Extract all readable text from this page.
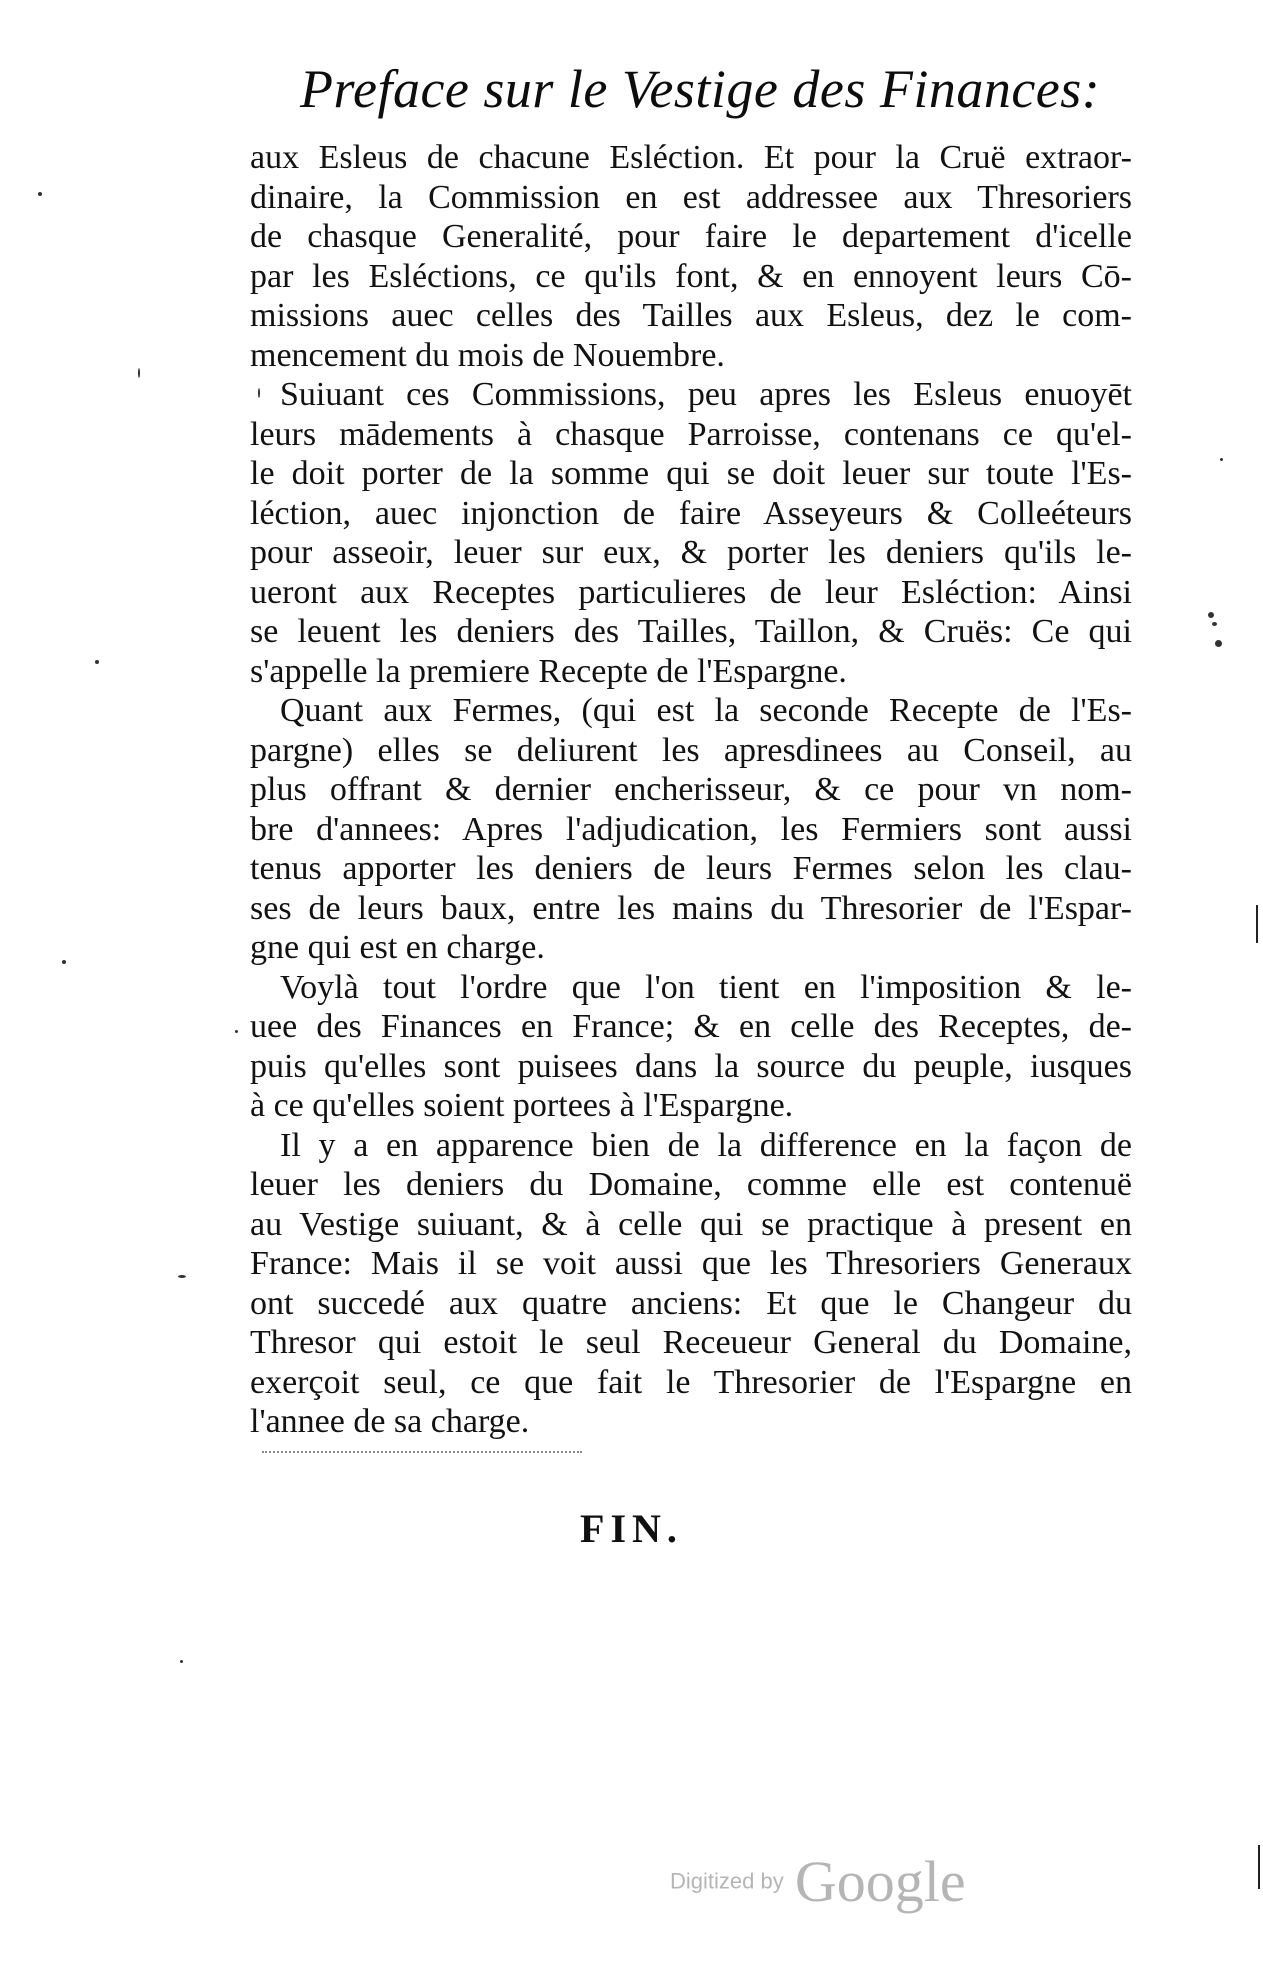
Preface sur le Vestige des Finances:
aux Esleus de chacune Esléction. Et pour la Cruë extraor-
dinaire, la Commission en est addressee aux Thresoriers
de chasque Generalité, pour faire le departement d'icelle
par les Esléctions, ce qu'ils font, & en ennoyent leurs Cō-
missions auec celles des Tailles aux Esleus, dez le com-
mencement du mois de Nouembre.
Suiuant ces Commissions, peu apres les Esleus enuoyēt
leurs mādements à chasque Parroisse, contenans ce qu'el-
le doit porter de la somme qui se doit leuer sur toute l'Es-
léction, auec injonction de faire Asseyeurs & Colleéteurs
pour asseoir, leuer sur eux, & porter les deniers qu'ils le-
ueront aux Receptes particulieres de leur Esléction: Ainsi
se leuent les deniers des Tailles, Taillon, & Cruës: Ce qui
s'appelle la premiere Recepte de l'Espargne.
Quant aux Fermes, (qui est la seconde Recepte de l'Es-
pargne) elles se deliurent les apresdinees au Conseil, au
plus offrant & dernier encherisseur, & ce pour vn nom-
bre d'annees: Apres l'adjudication, les Fermiers sont aussi
tenus apporter les deniers de leurs Fermes selon les clau-
ses de leurs baux, entre les mains du Thresorier de l'Espar-
gne qui est en charge.
Voylà tout l'ordre que l'on tient en l'imposition & le-
uee des Finances en France; & en celle des Receptes, de-
puis qu'elles sont puisees dans la source du peuple, iusques
à ce qu'elles soient portees à l'Espargne.
Il y a en apparence bien de la difference en la façon de
leuer les deniers du Domaine, comme elle est contenuë
au Vestige suiuant, & à celle qui se practique à present en
France: Mais il se voit aussi que les Thresoriers Generaux
ont succedé aux quatre anciens: Et que le Changeur du
Thresor qui estoit le seul Receueur General du Domaine,
exerçoit seul, ce que fait le Thresorier de l'Espargne en
l'annee de sa charge.
FIN.
Digitized by Google
